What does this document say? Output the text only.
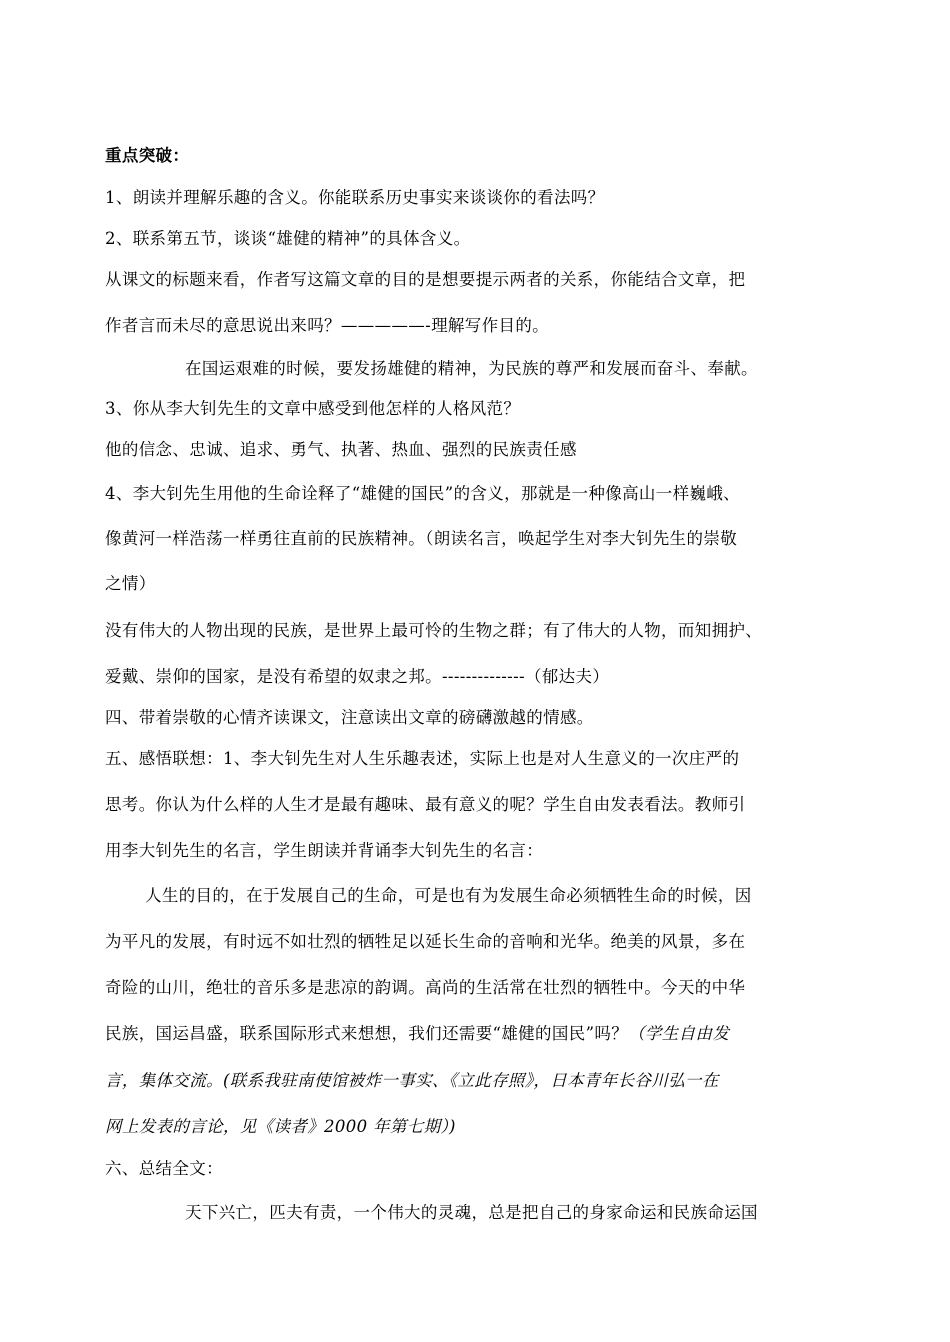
重点突破：
1、朗读并理解乐趣的含义。你能联系历史事实来谈谈你的看法吗？
2、联系第五节，谈谈“雄健的精神”的具体含义。
从课文的标题来看，作者写这篇文章的目的是想要提示两者的关系，你能结合文章，把
作者言而未尽的意思说出来吗？—————-理解写作目的。
在国运艰难的时候，要发扬雄健的精神，为民族的尊严和发展而奋斗、奉献。
3、你从李大钊先生的文章中感受到他怎样的人格风范？
他的信念、忠诚、追求、勇气、执著、热血、强烈的民族责任感
4、李大钊先生用他的生命诠释了“雄健的国民”的含义，那就是一种像高山一样巍峨、
像黄河一样浩荡一样勇往直前的民族精神。（朗读名言，唤起学生对李大钊先生的崇敬
之情）
没有伟大的人物出现的民族，是世界上最可怜的生物之群；有了伟大的人物，而知拥护、
爱戴、崇仰的国家，是没有希望的奴隶之邦。--------------（郁达夫）
四、带着崇敬的心情齐读课文，注意读出文章的磅礴激越的情感。
五、感悟联想：1、李大钊先生对人生乐趣表述，实际上也是对人生意义的一次庄严的
思考。你认为什么样的人生才是最有趣味、最有意义的呢？学生自由发表看法。教师引
用李大钊先生的名言，学生朗读并背诵李大钊先生的名言：
人生的目的，在于发展自己的生命，可是也有为发展生命必须牺牲生命的时候，因
为平凡的发展，有时远不如壮烈的牺牲足以延长生命的音响和光华。绝美的风景，多在
奇险的山川，绝壮的音乐多是悲凉的韵调。高尚的生活常在壮烈的牺牲中。今天的中华
民族，国运昌盛，联系国际形式来想想，我们还需要“雄健的国民”吗？（学生自由发
言，集体交流。(联系我驻南使馆被炸一事实、《立此存照》，日本青年长谷川弘一在
网上发表的言论，见《读者》2000 年第七期）)
六、总结全文：
天下兴亡，匹夫有责，一个伟大的灵魂，总是把自己的身家命运和民族命运国
